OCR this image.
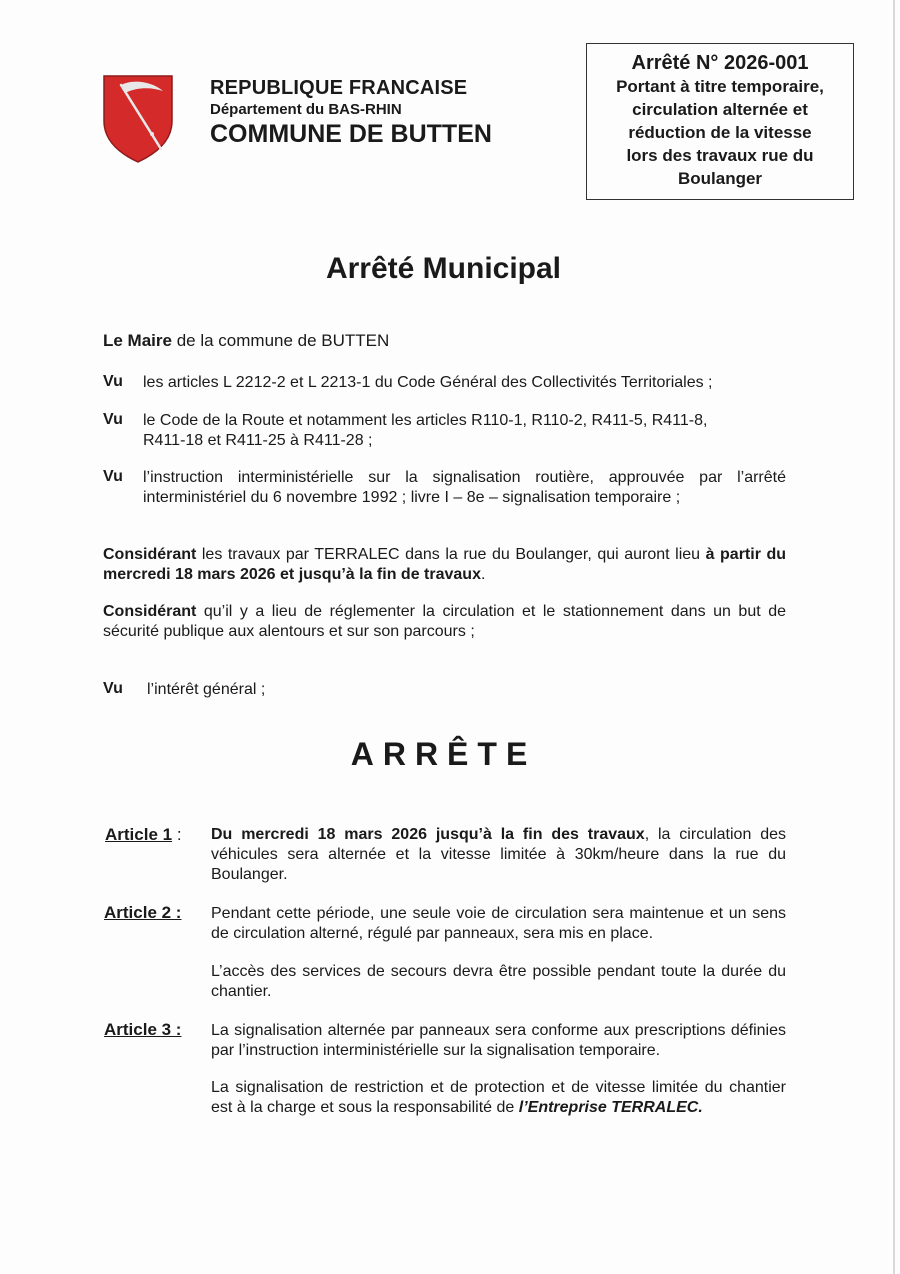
REPUBLIQUE FRANCAISE
Département du BAS-RHIN
COMMUNE DE BUTTEN
Arrêté N° 2026-001
Portant à titre temporaire,
circulation alternée et
réduction de la vitesse
lors des travaux rue du
Boulanger
Arrêté Municipal
Le Maire de la commune de BUTTEN
Vu les articles L 2212-2 et L 2213-1 du Code Général des Collectivités Territoriales ;
Vu le Code de la Route et notamment les articles R110-1, R110-2, R411-5, R411-8, R411-18 et R411-25 à R411-28 ;
Vu l’instruction interministérielle sur la signalisation routière, approuvée par l’arrêté interministériel du 6 novembre 1992 ; livre I – 8e – signalisation temporaire ;
Considérant les travaux par TERRALEC dans la rue du Boulanger, qui auront lieu à partir du mercredi 18 mars 2026 et jusqu’à la fin de travaux.
Considérant qu’il y a lieu de réglementer la circulation et le stationnement dans un but de sécurité publique aux alentours et sur son parcours ;
Vu l’intérêt général ;
ARRÊTE
Article 1 : Du mercredi 18 mars 2026 jusqu’à la fin des travaux, la circulation des véhicules sera alternée et la vitesse limitée à 30km/heure dans la rue du Boulanger.
Article 2 : Pendant cette période, une seule voie de circulation sera maintenue et un sens de circulation alterné, régulé par panneaux, sera mis en place.
L’accès des services de secours devra être possible pendant toute la durée du chantier.
Article 3 : La signalisation alternée par panneaux sera conforme aux prescriptions définies par l’instruction interministérielle sur la signalisation temporaire.
La signalisation de restriction et de protection et de vitesse limitée du chantier est à la charge et sous la responsabilité de l’Entreprise TERRALEC.
